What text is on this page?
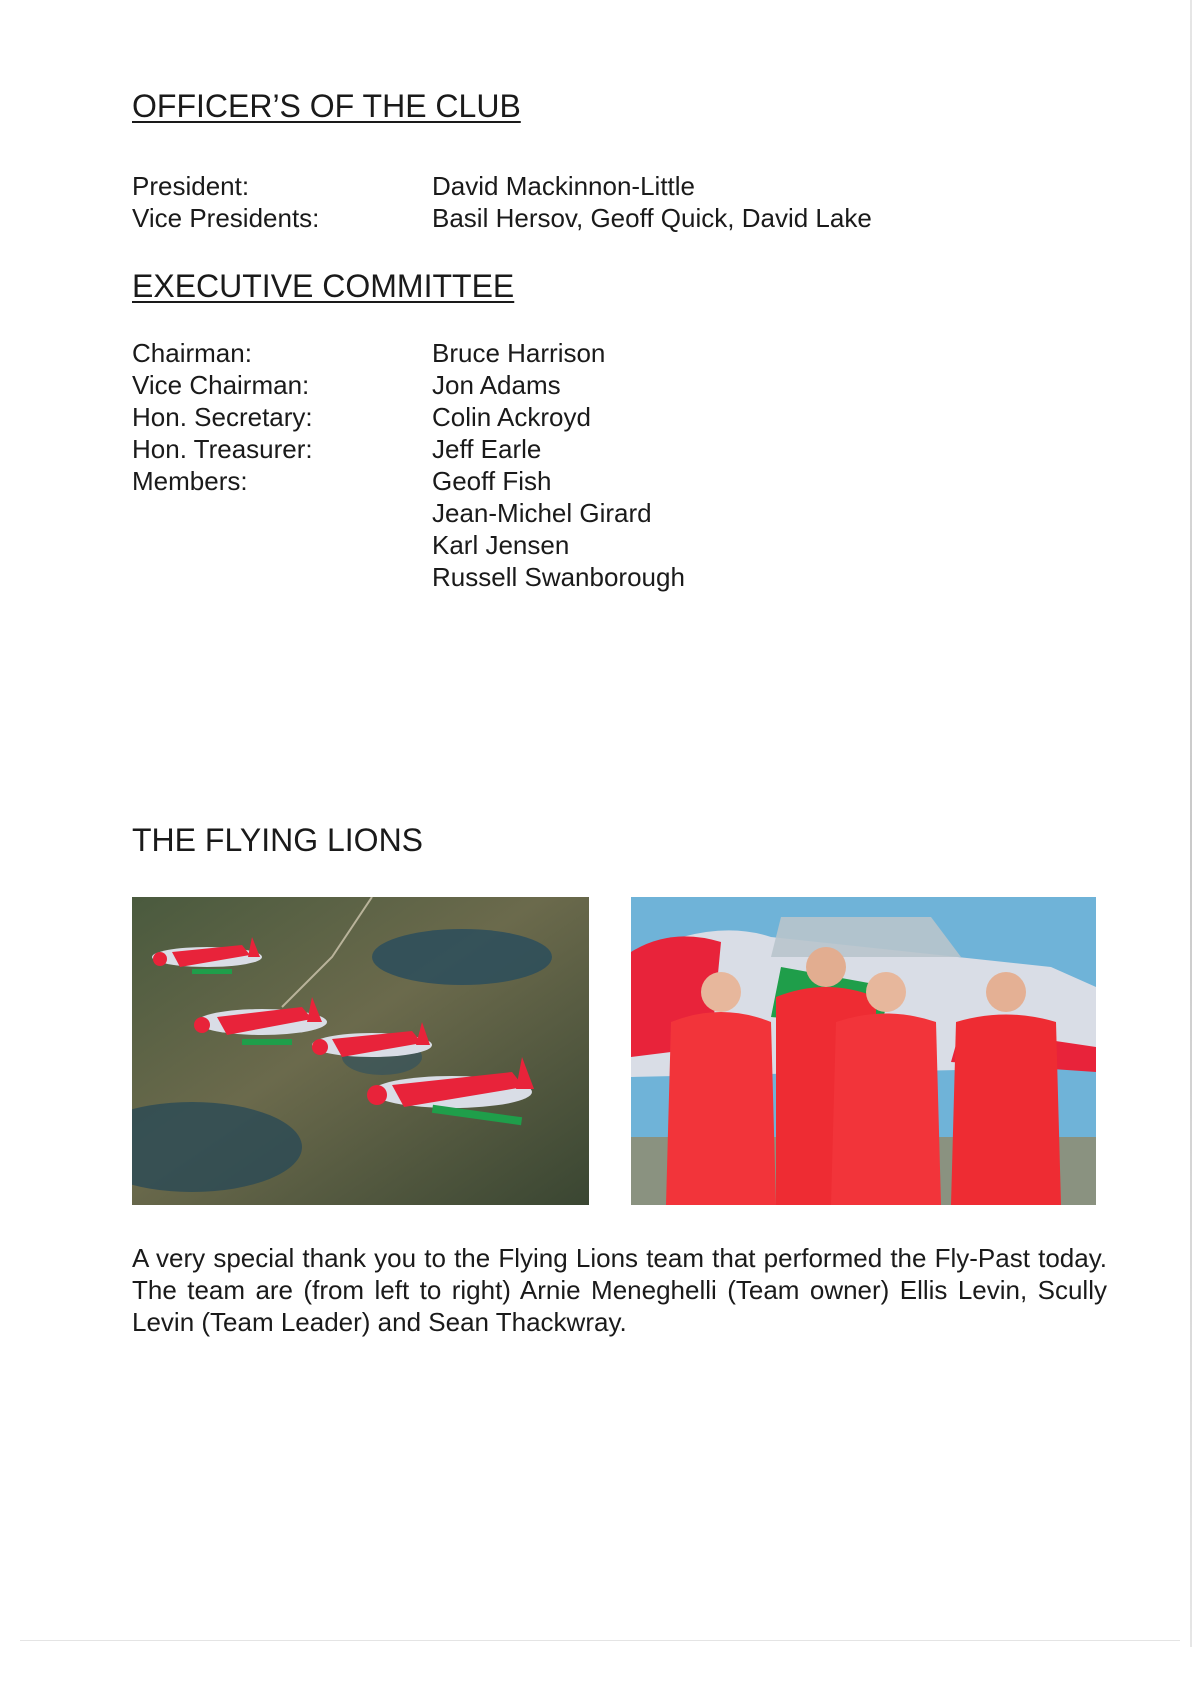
OFFICER’S OF THE CLUB
President:	David Mackinnon-Little
Vice Presidents:	Basil Hersov, Geoff Quick, David Lake
EXECUTIVE COMMITTEE
Chairman:	Bruce Harrison
Vice Chairman:	Jon Adams
Hon. Secretary:	Colin Ackroyd
Hon. Treasurer:	Jeff Earle
Members:	Geoff Fish
Jean-Michel Girard
Karl Jensen
Russell Swanborough
THE FLYING LIONS
A very special thank you to the Flying Lions team that performed the Fly-Past today. The team are (from left to right) Arnie Meneghelli (Team owner) Ellis Levin, Scully Levin (Team Leader) and Sean Thackwray.
